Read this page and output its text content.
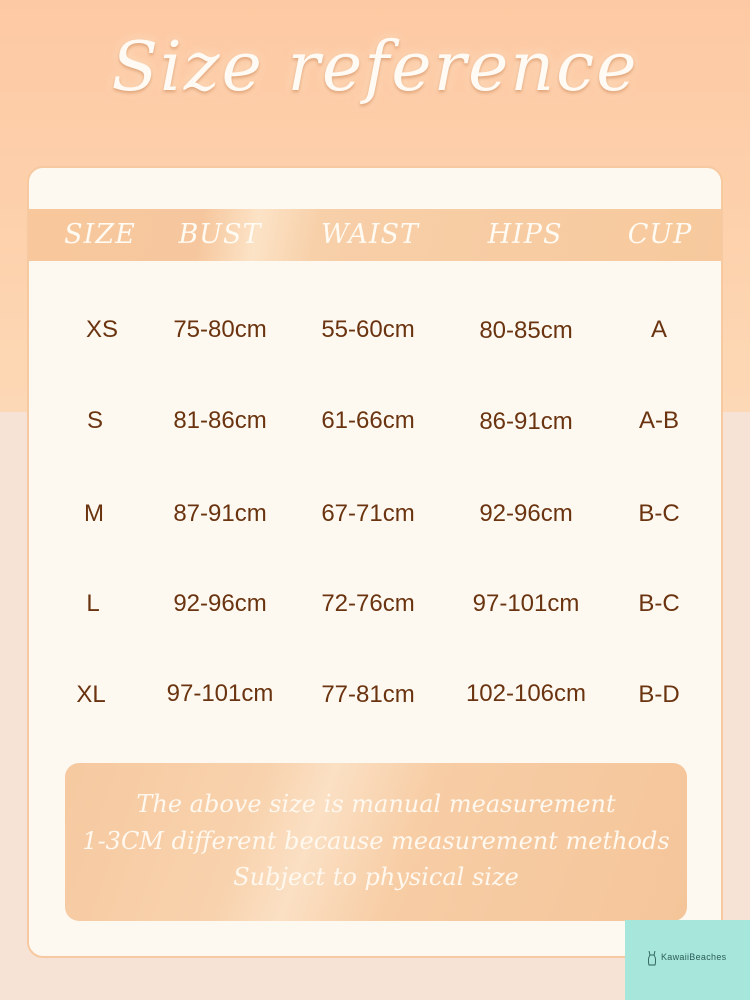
Size reference
SIZE	BUST	WAIST	HIPS	CUP
XS	75-80cm	55-60cm	80-85cm	A
S	81-86cm	61-66cm	86-91cm	A-B
M	87-91cm	67-71cm	92-96cm	B-C
L	92-96cm	72-76cm	97-101cm	B-C
XL	97-101cm	77-81cm	102-106cm	B-D
The above size is manual measurement
1-3CM different because measurement methods
Subject to physical size
KawaiiBeaches
